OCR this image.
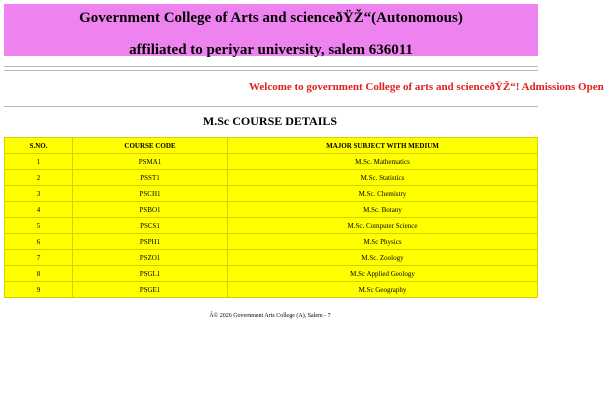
Government College of Arts and scienceðŸŽ“(Autonomous)
affiliated to periyar university, salem 636011
Welcome to government College of arts and scienceðŸŽ“! Admissions Open
M.Sc COURSE DETAILS
S.NO.	COURSE CODE	MAJOR SUBJECT WITH MEDIUM
1	PSMA1	M.Sc. Mathematics
2	PSST1	M.Sc. Statistics
3	PSCH1	M.Sc. Chemistry
4	PSBO1	M.Sc. Botany
5	PSCS1	M.Sc. Computer Science
6	PSPH1	M.Sc Physics
7	PSZO1	M.Sc. Zoology
8	PSGL1	M.Sc Applied Geology
9	PSGE1	M.Sc Geography
Â© 2026 Government Arts College (A), Salem - 7
